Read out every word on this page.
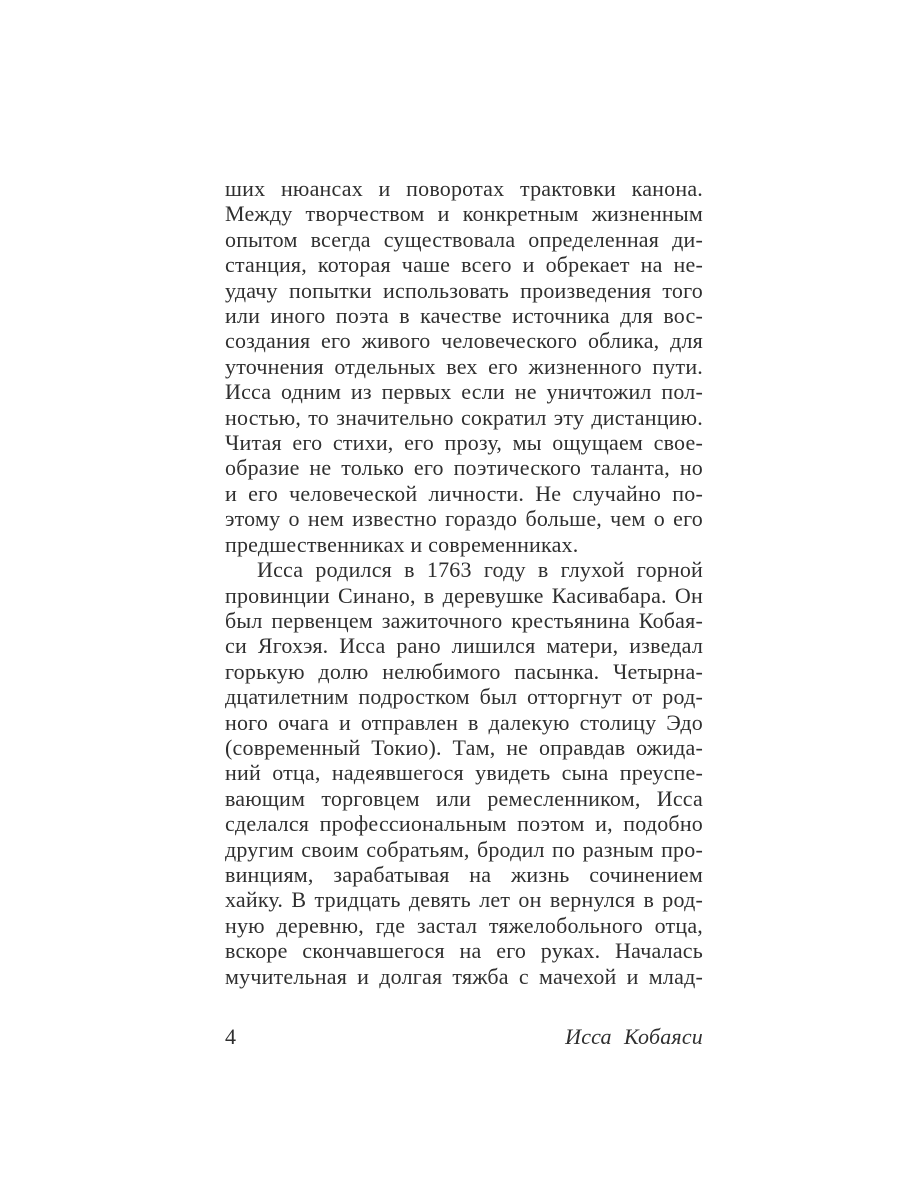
ших нюансах и поворотах трактовки канона.
Между творчеством и конкретным жизненным
опытом всегда существовала определенная ди-
станция, которая чаше всего и обрекает на не-
удачу попытки использовать произведения того
или иного поэта в качестве источника для вос-
создания его живого человеческого облика, для
уточнения отдельных вех его жизненного пути.
Исса одним из первых если не уничтожил пол-
ностью, то значительно сократил эту дистанцию.
Читая его стихи, его прозу, мы ощущаем свое-
образие не только его поэтического таланта, но
и его человеческой личности. Не случайно по-
этому о нем известно гораздо больше, чем о его
предшественниках и современниках.
Исса родился в 1763 году в глухой горной
провинции Синано, в деревушке Касивабара. Он
был первенцем зажиточного крестьянина Кобая-
си Ягохэя. Исса рано лишился матери, изведал
горькую долю нелюбимого пасынка. Четырна-
дцатилетним подростком был отторгнут от род-
ного очага и отправлен в далекую столицу Эдо
(современный Токио). Там, не оправдав ожида-
ний отца, надеявшегося увидеть сына преуспе-
вающим торговцем или ремесленником, Исса
сделался профессиональным поэтом и, подобно
другим своим собратьям, бродил по разным про-
винциям, зарабатывая на жизнь сочинением
хайку. В тридцать девять лет он вернулся в род-
ную деревню, где застал тяжелобольного отца,
вскоре скончавшегося на его руках. Началась
мучительная и долгая тяжба с мачехой и млад-
4	Исса Кобаяси
